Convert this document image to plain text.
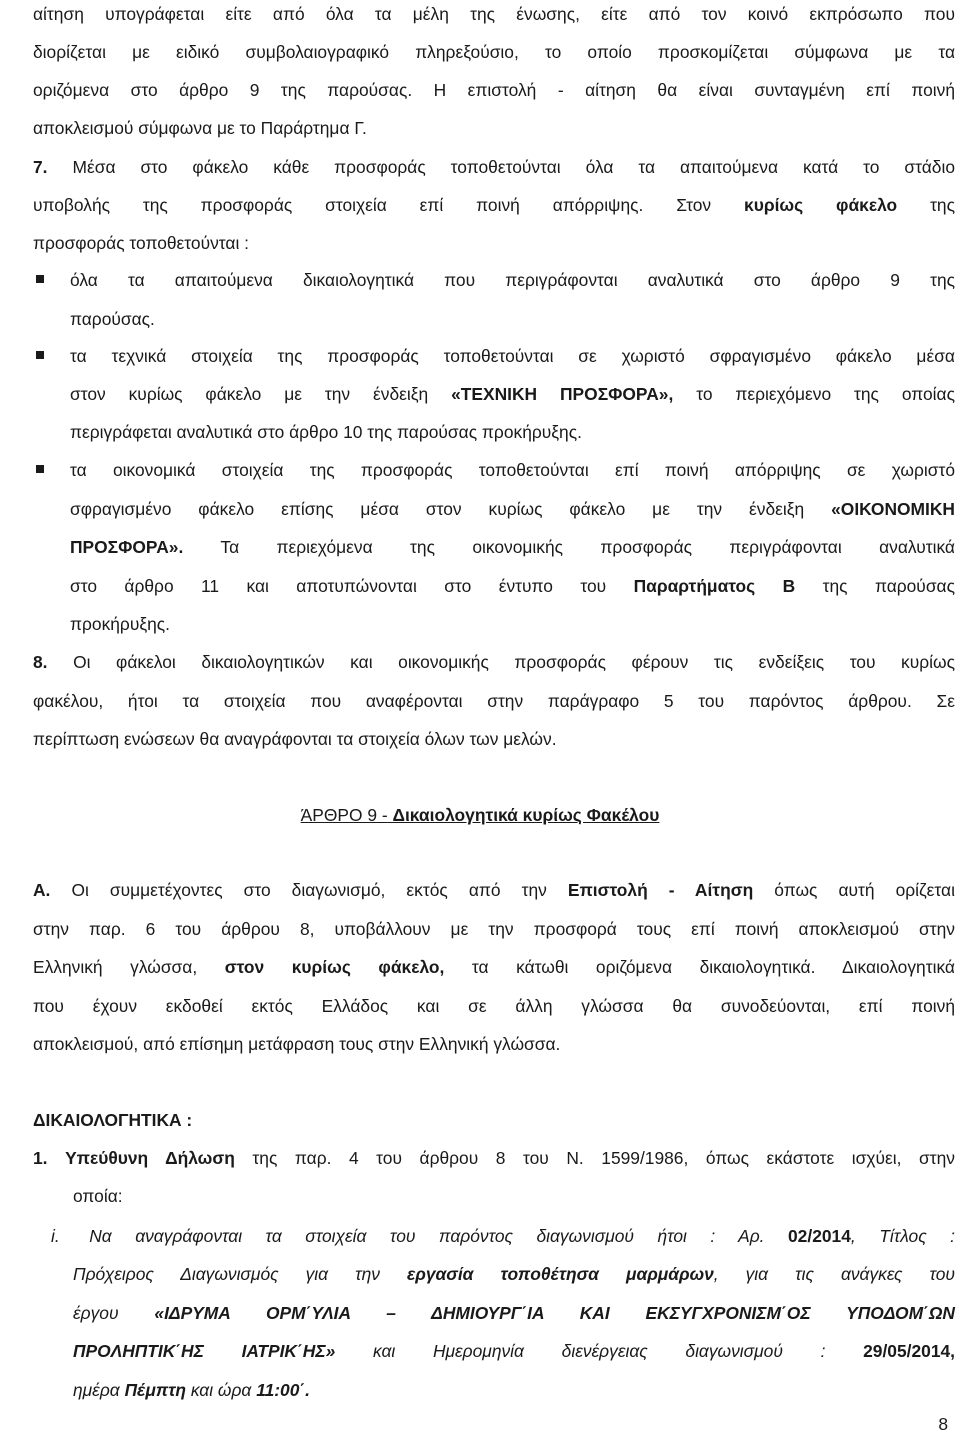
αίτηση υπογράφεται είτε από όλα τα μέλη της ένωσης, είτε από τον κοινό εκπρόσωπο που
διορίζεται με ειδικό συμβολαιογραφικό πληρεξούσιο, το οποίο προσκομίζεται σύμφωνα με τα
οριζόμενα στο άρθρο 9 της παρούσας. Η επιστολή - αίτηση θα είναι συνταγμένη επί ποινή
αποκλεισμού σύμφωνα με το Παράρτημα Γ.
7. Μέσα στο φάκελο κάθε προσφοράς τοποθετούνται όλα τα απαιτούμενα κατά το στάδιο
υποβολής της προσφοράς στοιχεία επί ποινή απόρριψης. Στον κυρίως φάκελο της
προσφοράς τοποθετούνται :
όλα τα απαιτούμενα δικαιολογητικά που περιγράφονται αναλυτικά στο άρθρο 9 της
παρούσας.
τα τεχνικά στοιχεία της προσφοράς τοποθετούνται σε χωριστό σφραγισμένο φάκελο μέσα
στον κυρίως φάκελο με την ένδειξη «ΤΕΧΝΙΚΗ ΠΡΟΣΦΟΡΑ», το περιεχόμενο της οποίας
περιγράφεται αναλυτικά στο άρθρο 10 της παρούσας προκήρυξης.
τα οικονομικά στοιχεία της προσφοράς τοποθετούνται επί ποινή απόρριψης σε χωριστό
σφραγισμένο φάκελο επίσης μέσα στον κυρίως φάκελο με την ένδειξη «ΟΙΚΟΝΟΜΙΚΗ
ΠΡΟΣΦΟΡΑ». Τα περιεχόμενα της οικονομικής προσφοράς περιγράφονται αναλυτικά
στο άρθρο 11 και αποτυπώνονται στο έντυπο του Παραρτήματος Β της παρούσας
προκήρυξης.
8. Οι φάκελοι δικαιολογητικών και οικονομικής προσφοράς φέρουν τις ενδείξεις του κυρίως
φακέλου, ήτοι τα στοιχεία που αναφέρονται στην παράγραφο 5 του παρόντος άρθρου. Σε
περίπτωση ενώσεων θα αναγράφονται τα στοιχεία όλων των μελών.
ΆΡΘΡΟ 9 - Δικαιολογητικά κυρίως Φακέλου
Α. Οι συμμετέχοντες στο διαγωνισμό, εκτός από την Επιστολή - Αίτηση όπως αυτή ορίζεται
στην παρ. 6 του άρθρου 8, υποβάλλουν με την προσφορά τους επί ποινή αποκλεισμού στην
Ελληνική γλώσσα, στον κυρίως φάκελο, τα κάτωθι οριζόμενα δικαιολογητικά. Δικαιολογητικά
που έχουν εκδοθεί εκτός Ελλάδος και σε άλλη γλώσσα θα συνοδεύονται, επί ποινή
αποκλεισμού, από επίσημη μετάφραση τους στην Ελληνική γλώσσα.
ΔΙΚΑΙΟΛΟΓΗΤΙΚΑ :
1. Υπεύθυνη Δήλωση της παρ. 4 του άρθρου 8 του Ν. 1599/1986, όπως εκάστοτε ισχύει, στην
οποία:
i. Να αναγράφονται τα στοιχεία του παρόντος διαγωνισμού ήτοι : Αρ. 02/2014, Τίτλος :
Πρόχειρος Διαγωνισμός για την εργασία τοποθέτησα μαρμάρων, για τις ανάγκες του
έργου «ΙΔΡΥΜΑ ΟΡΜ΄ΥΛΙΑ – ΔΗΜΙΟΥΡΓ΄ΙΑ ΚΑΙ ΕΚΣΥΓΧΡΟΝΙΣΜ΄ΟΣ ΥΠΟΔΟΜ΄ΩΝ
ΠΡΟΛΗΠΤΙΚ΄ΗΣ ΙΑΤΡΙΚ΄ΗΣ» και Ημερομηνία διενέργειας διαγωνισμού : 29/05/2014,
ημέρα Πέμπτη και ώρα 11:00΄.
8
